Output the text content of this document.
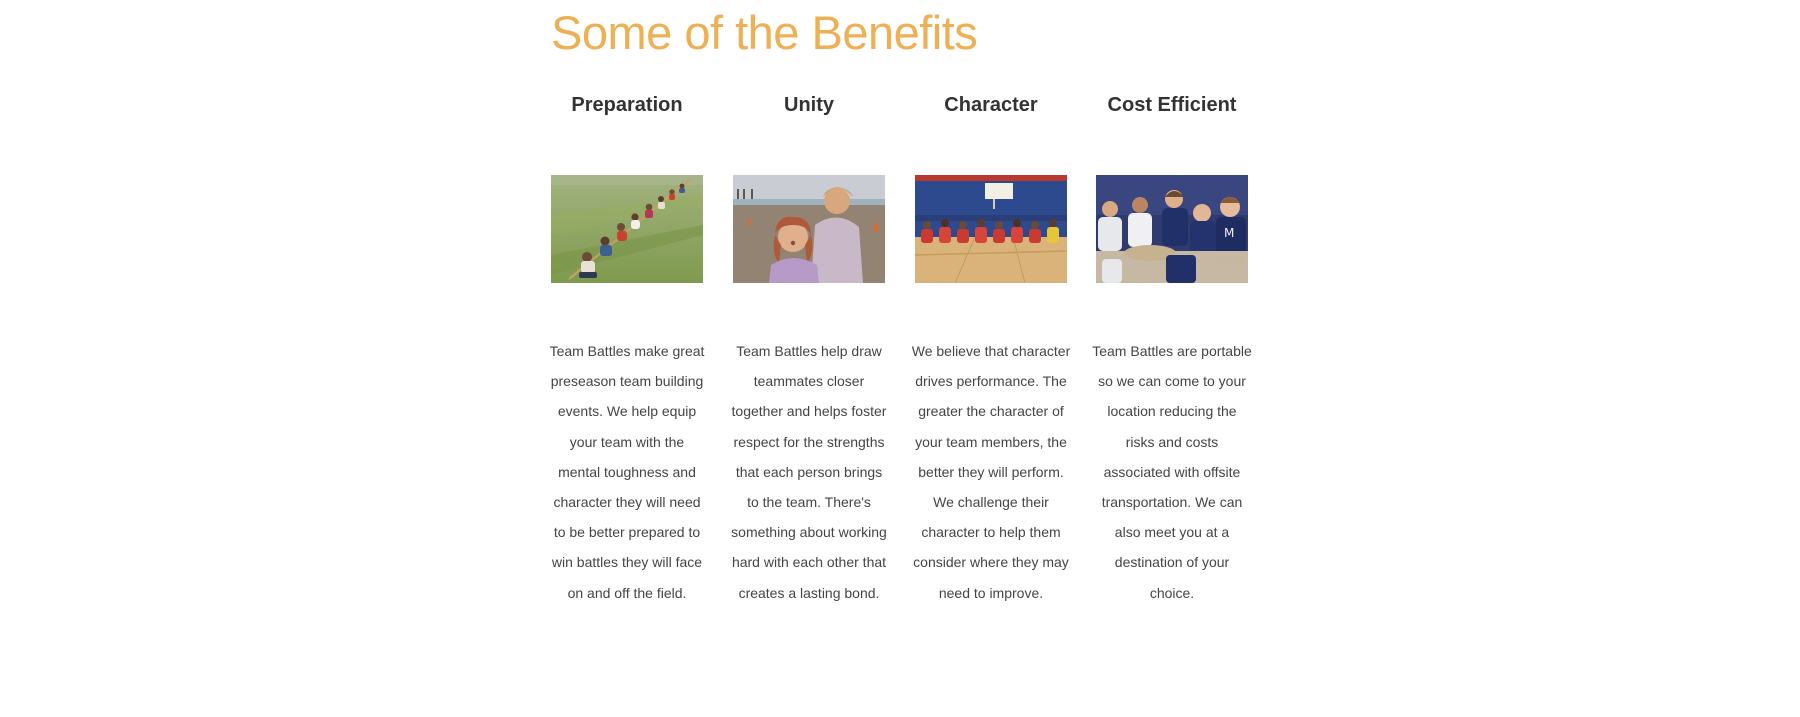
Some of the Benefits
Preparation

Team Battles make great preseason team building events. We help equip your team with the mental toughness and character they will need to be better prepared to win battles they will face on and off the field.

Unity

Team Battles help draw teammates closer together and helps foster respect for the strengths that each person brings to the team. There's something about working hard with each other that creates a lasting bond.

Character

We believe that character drives performance. The greater the character of your team members, the better they will perform. We challenge their character to help them consider where they may need to improve.

Cost Efficient
M

Team Battles are portable so we can come to your location reducing the risks and costs associated with offsite transportation. We can also meet you at a destination of your choice.
